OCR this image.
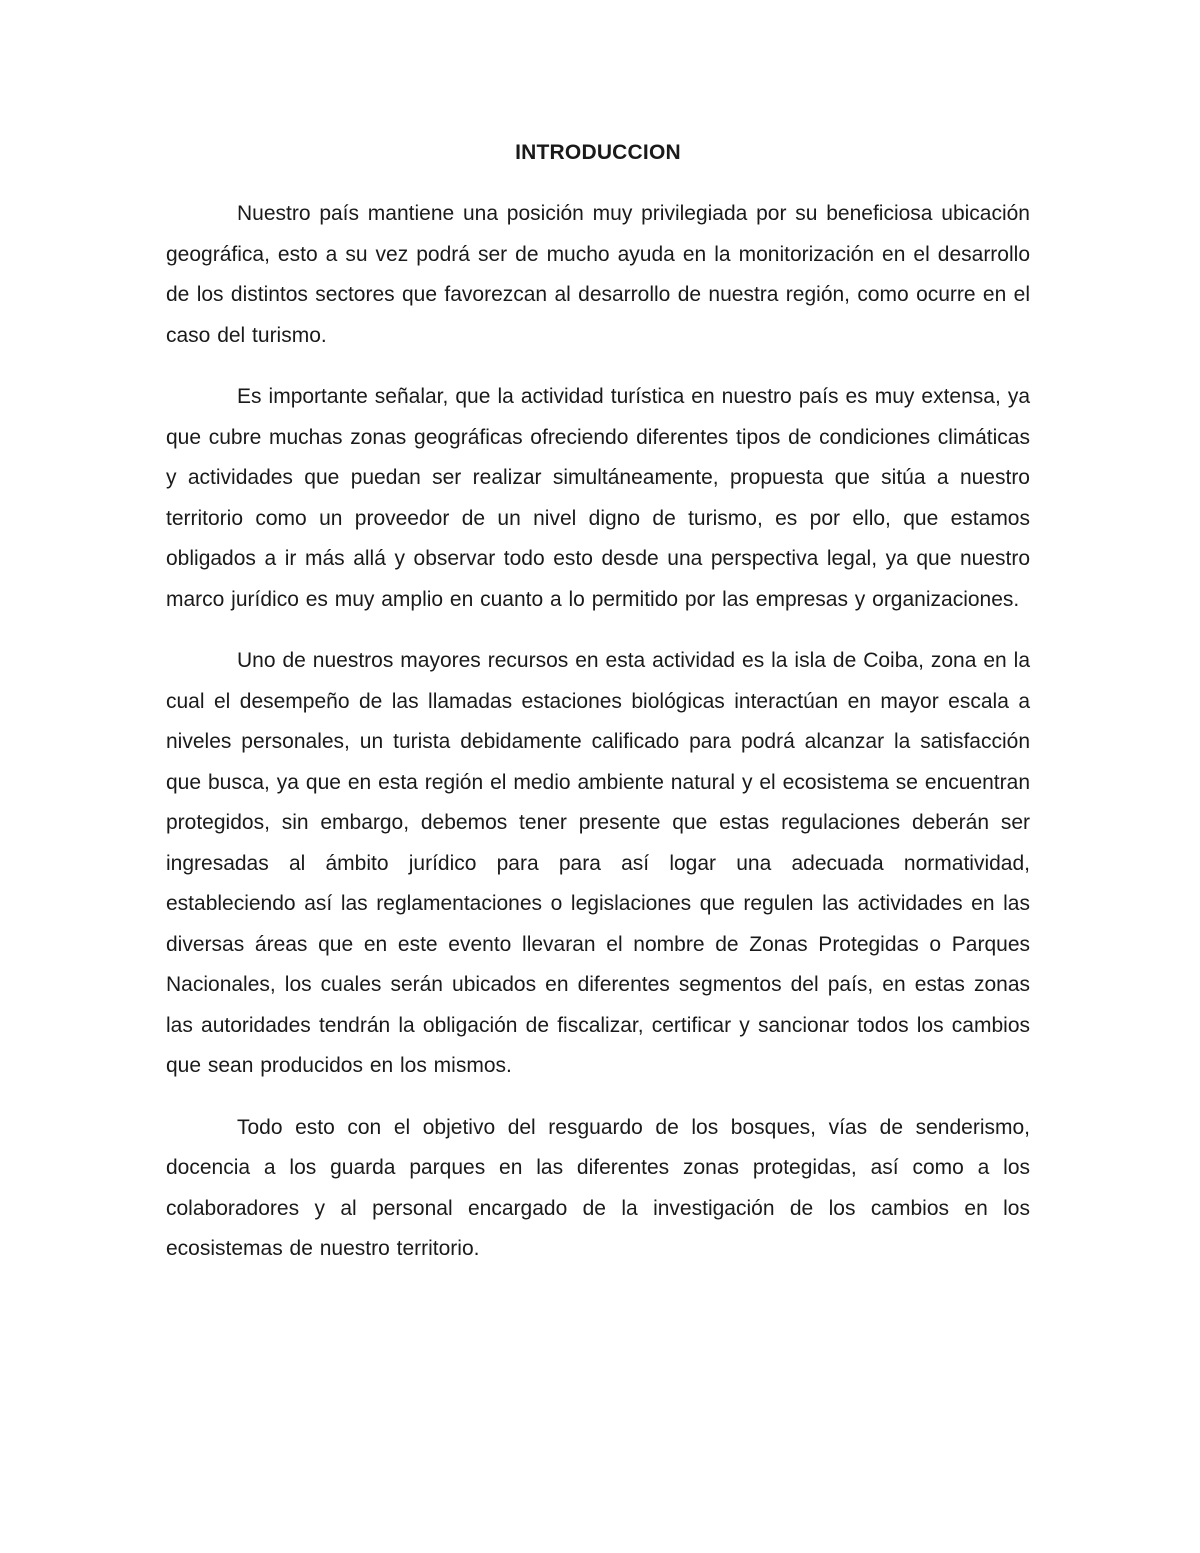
INTRODUCCION

Nuestro país mantiene una posición muy privilegiada por su beneficiosa ubicación geográfica, esto a su vez podrá ser de mucho ayuda en la monitorización en el desarrollo de los distintos sectores que favorezcan al desarrollo de nuestra región, como ocurre en el caso del turismo.

Es importante señalar, que la actividad turística en nuestro país es muy extensa, ya que cubre muchas zonas geográficas ofreciendo diferentes tipos de condiciones climáticas y actividades que puedan ser realizar simultáneamente, propuesta que sitúa a nuestro territorio como un proveedor de un nivel digno de turismo, es por ello, que estamos obligados a ir más allá y observar todo esto desde una perspectiva legal, ya que nuestro marco jurídico es muy amplio en cuanto a lo permitido por las empresas y organizaciones.

Uno de nuestros mayores recursos en esta actividad es la isla de Coiba, zona en la cual el desempeño de las llamadas estaciones biológicas interactúan en mayor escala a niveles personales, un turista debidamente calificado para podrá alcanzar la satisfacción que busca, ya que en esta región el medio ambiente natural y el ecosistema se encuentran protegidos, sin embargo, debemos tener presente que estas regulaciones deberán ser ingresadas al ámbito jurídico para para así logar una adecuada normatividad, estableciendo así las reglamentaciones o legislaciones que regulen las actividades en las diversas áreas que en este evento llevaran el nombre de Zonas Protegidas o Parques Nacionales, los cuales serán ubicados en diferentes segmentos del país, en estas zonas las autoridades tendrán la obligación de fiscalizar, certificar y sancionar todos los cambios que sean producidos en los mismos.

Todo esto con el objetivo del resguardo de los bosques, vías de senderismo, docencia a los guarda parques en las diferentes zonas protegidas, así como a los colaboradores y al personal encargado de la investigación de los cambios en los ecosistemas de nuestro territorio.
